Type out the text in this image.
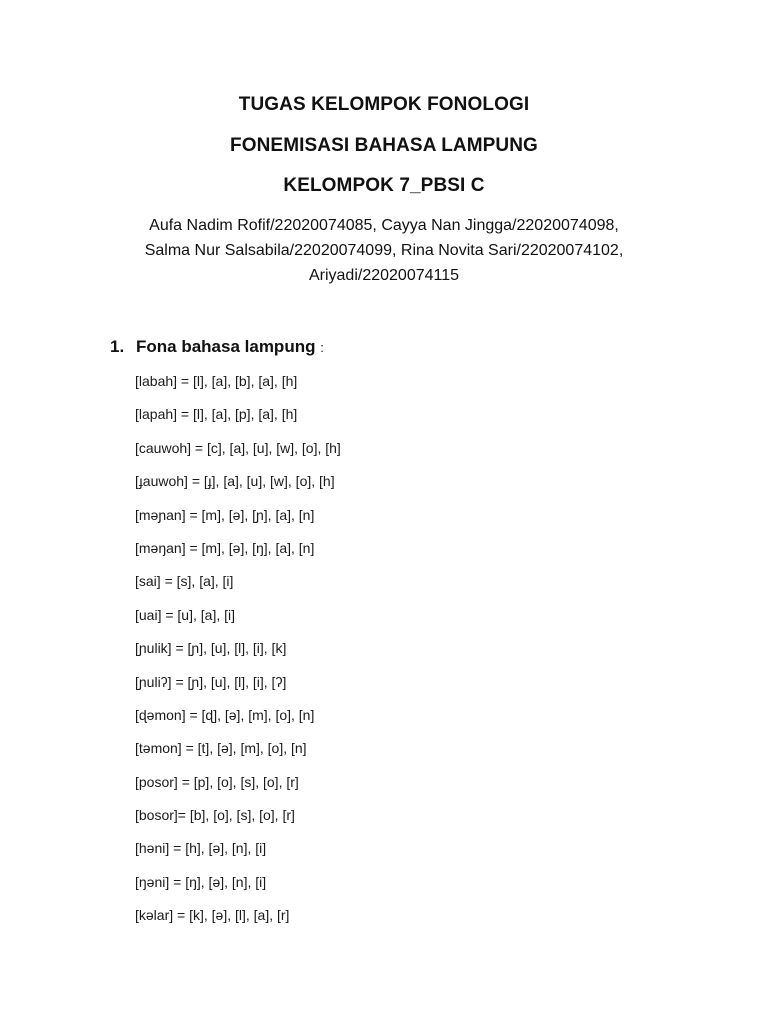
TUGAS KELOMPOK FONOLOGI
FONEMISASI BAHASA LAMPUNG
KELOMPOK 7_PBSI C
Aufa Nadim Rofif/22020074085, Cayya Nan Jingga/22020074098,
Salma Nur Salsabila/22020074099, Rina Novita Sari/22020074102,
Ariyadi/22020074115
1. Fona bahasa lampung :
[labah] = [l], [a], [b], [a], [h]
[lapah] = [l], [a], [p], [a], [h]
[cauwoh] = [c], [a], [u], [w], [o], [h]
[ɟauwoh] = [ɟ], [a], [u], [w], [o], [h]
[məɲan] = [m], [ə], [ɲ], [a], [n]
[məŋan] = [m], [ə], [ŋ], [a], [n]
[sai] = [s], [a], [i]
[uai] = [u], [a], [i]
[ɲulik] = [ɲ], [u], [l], [i], [k]
[ɲuliʔ] = [ɲ], [u], [l], [i], [ʔ]
[ɖəmon] = [ɖ], [ə], [m], [o], [n]
[təmon] = [t], [ə], [m], [o], [n]
[posor] = [p], [o], [s], [o], [r]
[bosor]= [b], [o], [s], [o], [r]
[həni] = [h], [ə], [n], [i]
[ŋəni] = [ŋ], [ə], [n], [i]
[kəlar] = [k], [ə], [l], [a], [r]
